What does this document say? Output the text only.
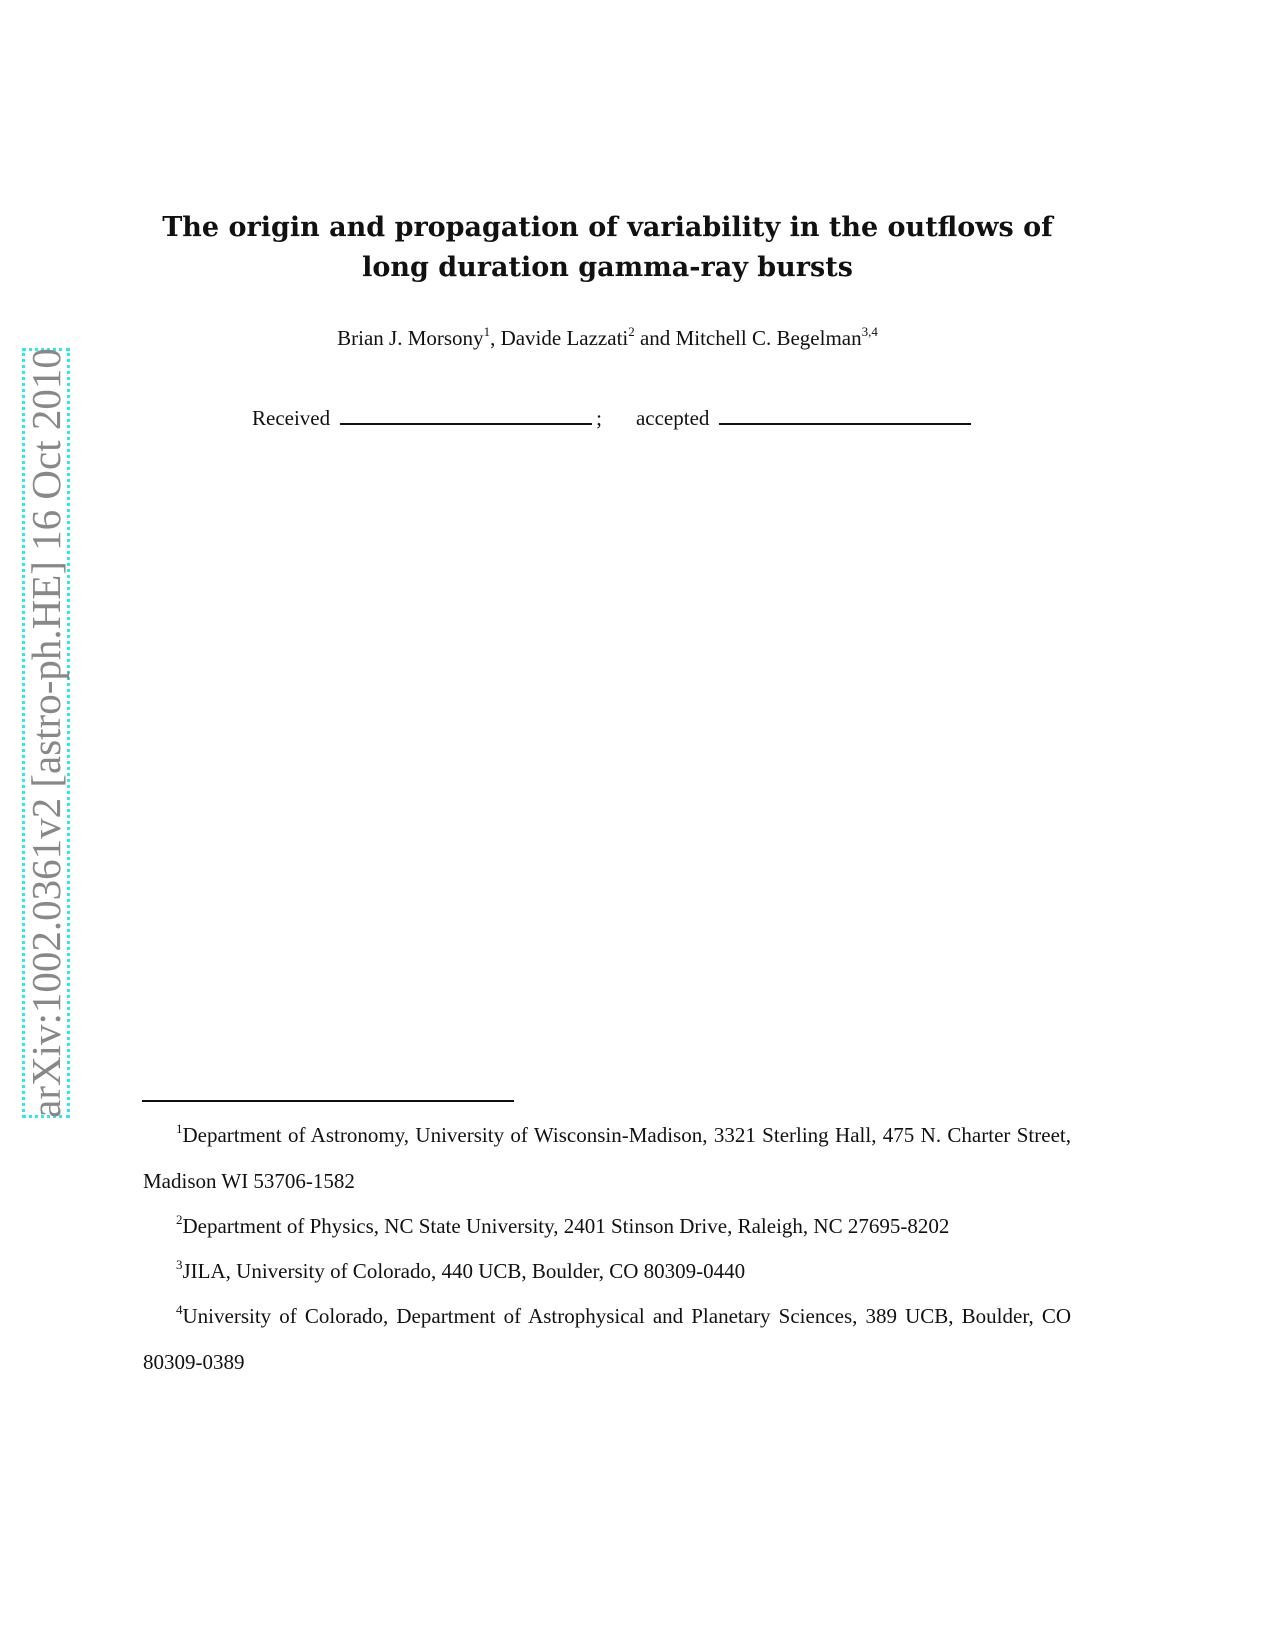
arXiv:1002.0361v2 [astro-ph.HE] 16 Oct 2010
The origin and propagation of variability in the outflows of
long duration gamma-ray bursts
Brian J. Morsony$^1$, Davide Lazzati$^2$ and Mitchell C. Begelman$^{3,4}$
Received	; accepted

$^1$Department of Astronomy, University of Wisconsin-Madison, 3321 Sterling Hall, 475 N. Charter Street, Madison WI 53706-1582

$^2$Department of Physics, NC State University, 2401 Stinson Drive, Raleigh, NC 27695-8202

$^3$JILA, University of Colorado, 440 UCB, Boulder, CO 80309-0440

$^4$University of Colorado, Department of Astrophysical and Planetary Sciences, 389 UCB, Boulder, CO 80309-0389
